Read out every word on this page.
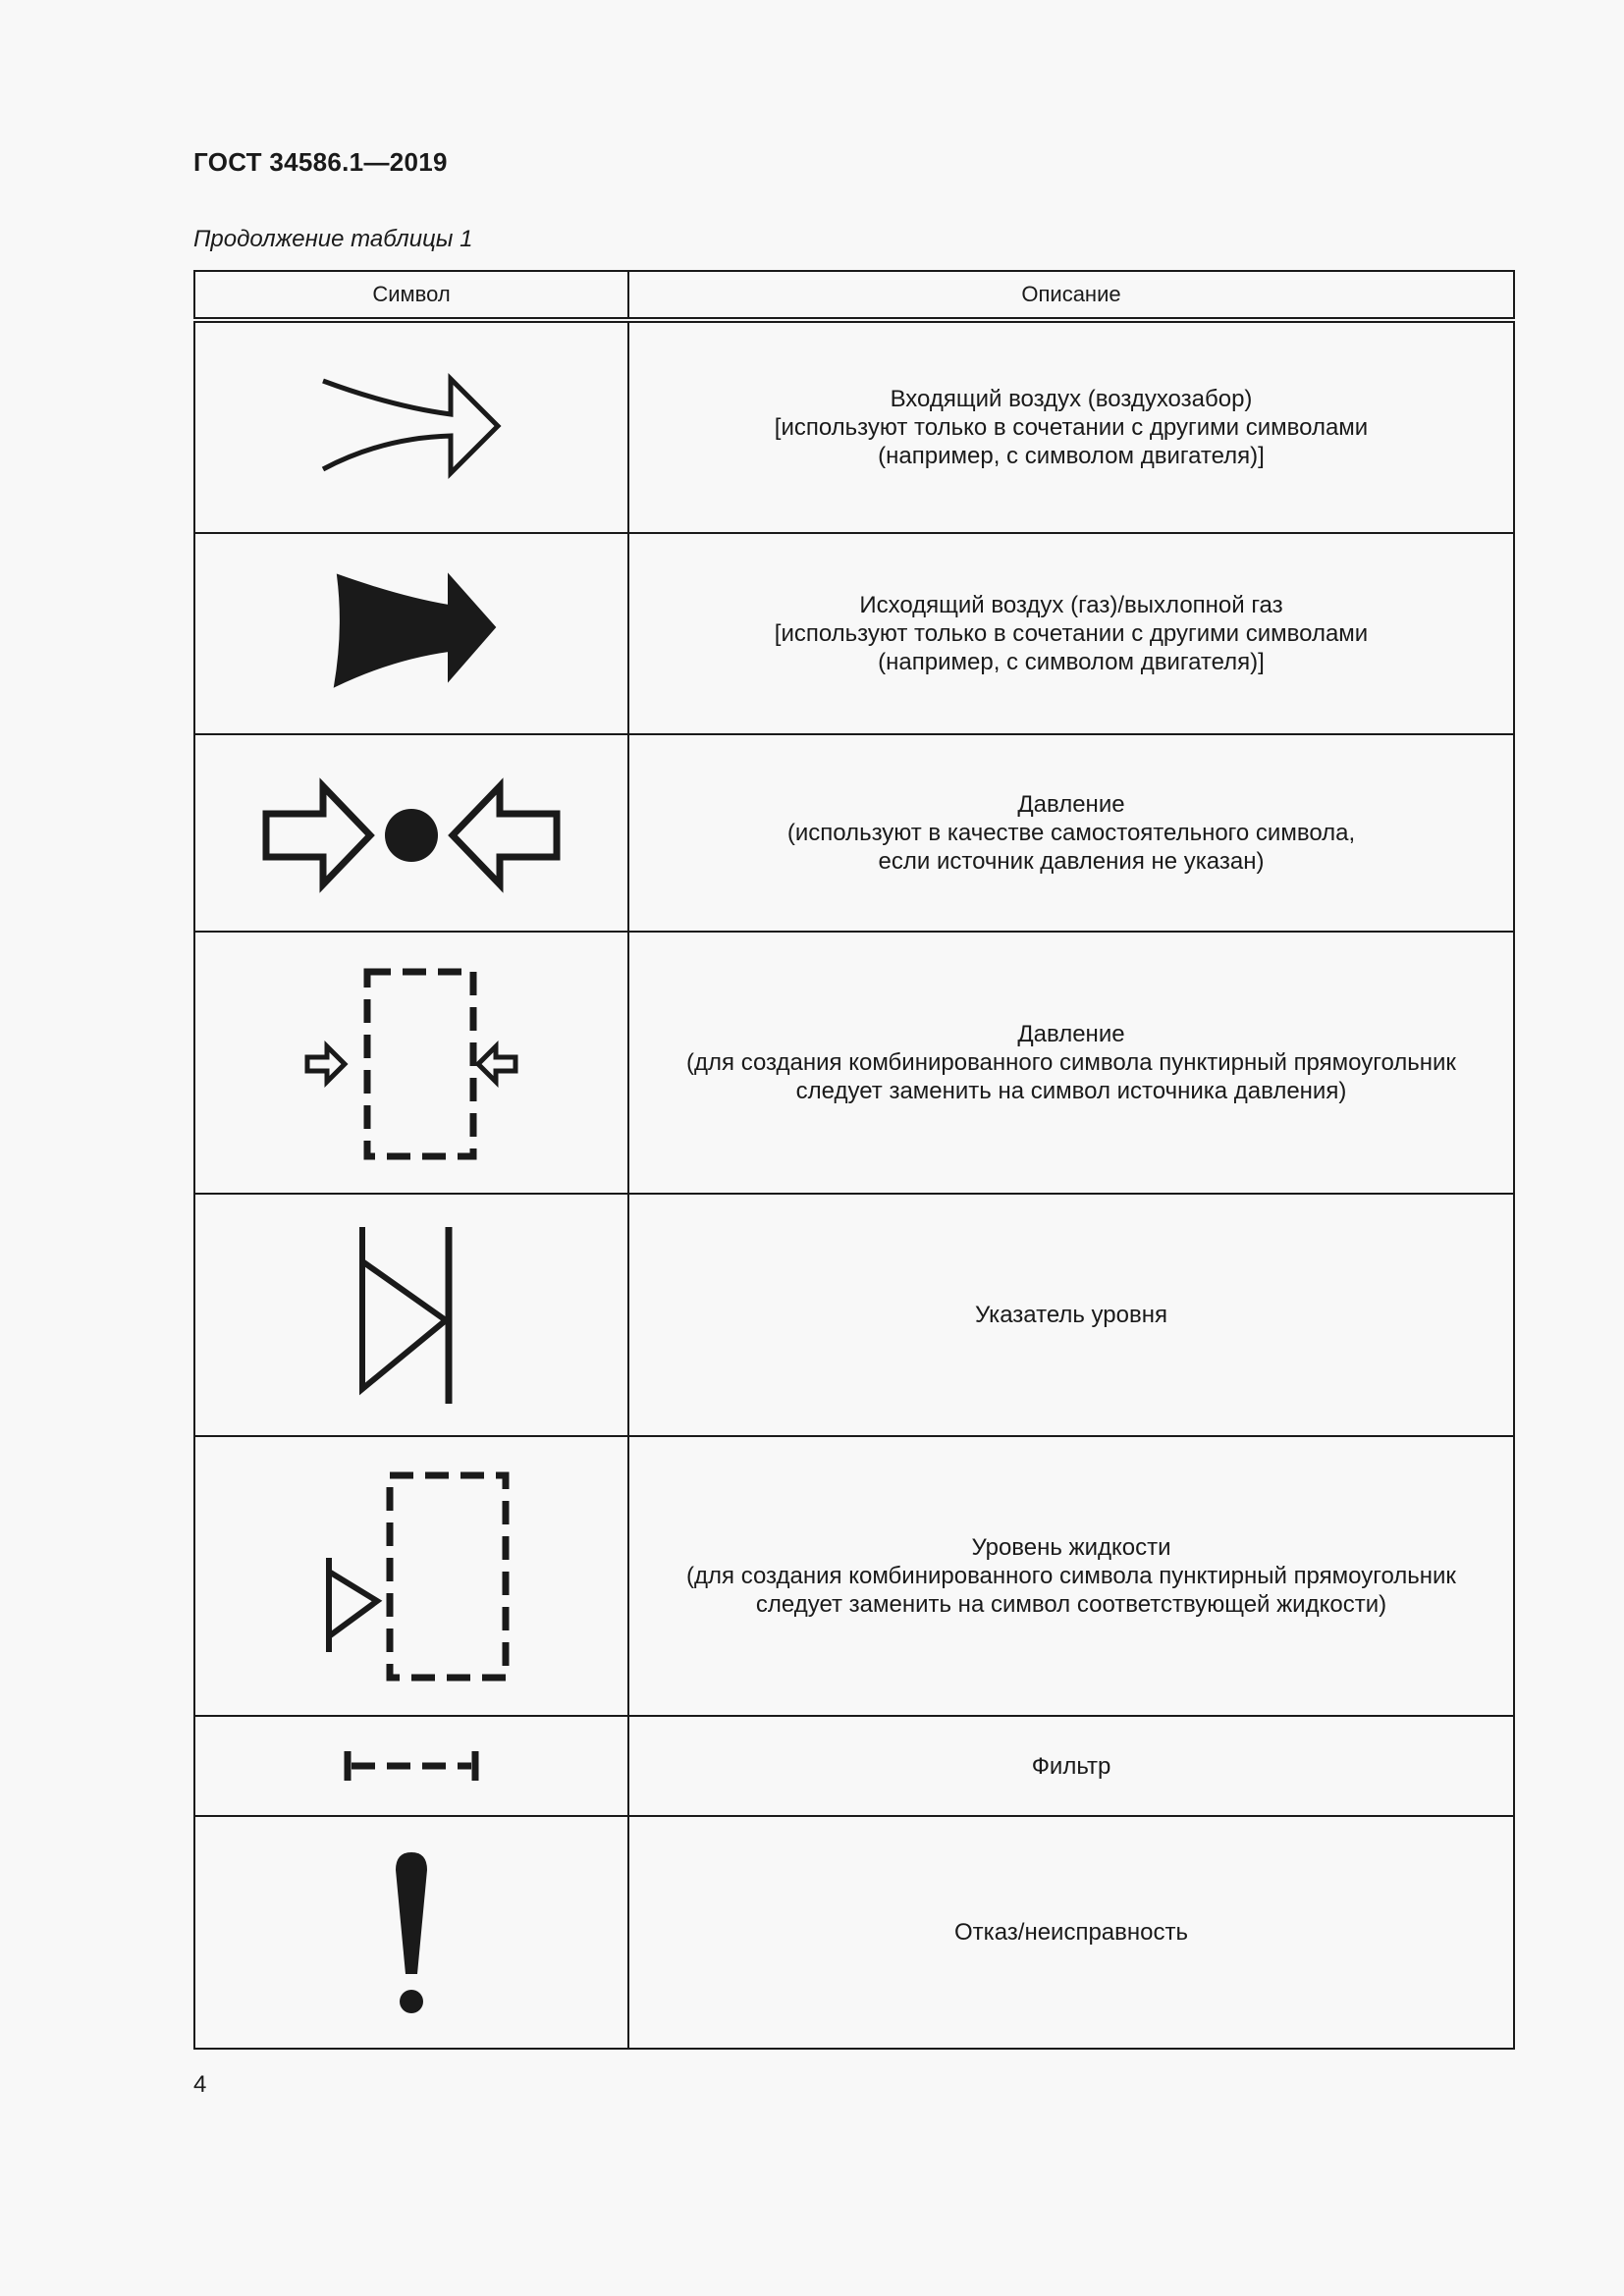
ГОСТ 34586.1—2019
Продолжение таблицы 1
Символ	Описание

Входящий воздух (воздухозабор)
[используют только в сочетании с другими символами
(например, с символом двигателя)]

Исходящий воздух (газ)/выхлопной газ
[используют только в сочетании с другими символами
(например, с символом двигателя)]

Давление
(используют в качестве самостоятельного символа,
если источник давления не указан)

Давление
(для создания комбинированного символа пунктирный прямоугольник
следует заменить на символ источника давления)

Указатель уровня

Уровень жидкости
(для создания комбинированного символа пунктирный прямоугольник
следует заменить на символ соответствующей жидкости)

Фильтр

Отказ/неисправность
4
